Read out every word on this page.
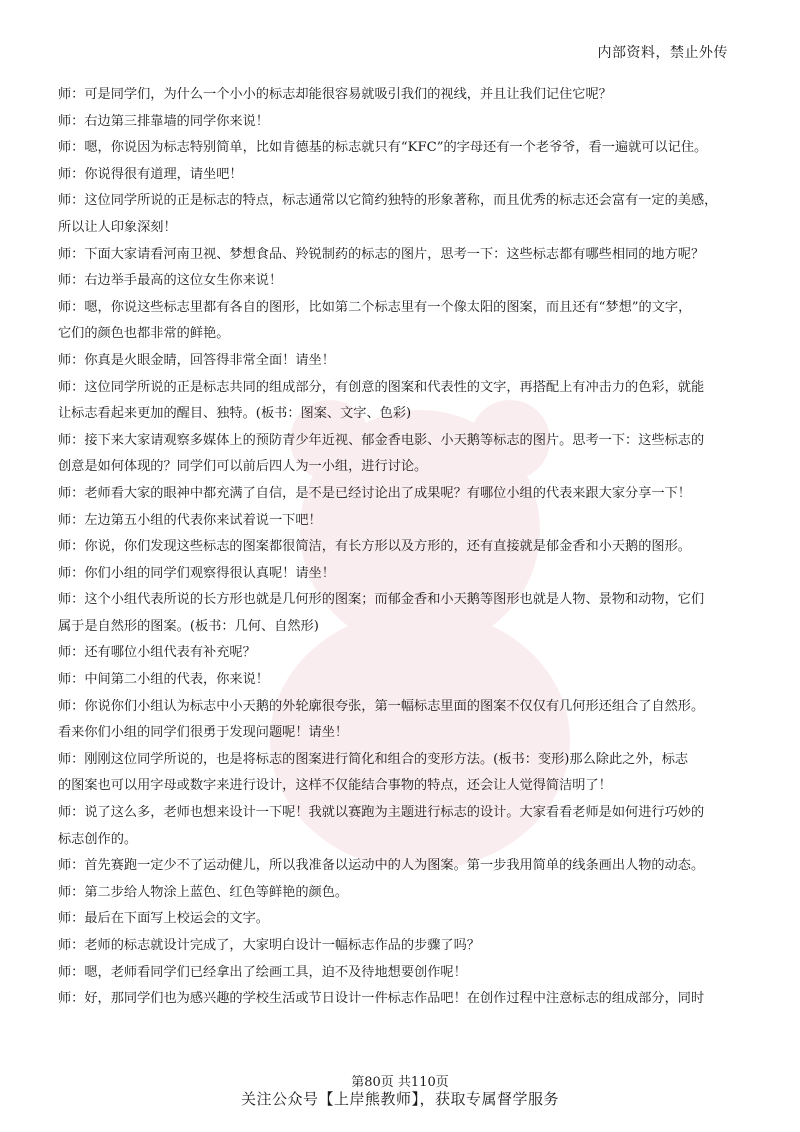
内部资料，禁止外传

师：可是同学们，为什么一个小小的标志却能很容易就吸引我们的视线，并且让我们记住它呢？

师：右边第三排靠墙的同学你来说！

师：嗯，你说因为标志特别简单，比如肯德基的标志就只有“KFC”的字母还有一个老爷爷，看一遍就可以记住。

师：你说得很有道理，请坐吧！

师：这位同学所说的正是标志的特点，标志通常以它简约独特的形象著称，而且优秀的标志还会富有一定的美感，

所以让人印象深刻！

师：下面大家请看河南卫视、梦想食品、羚锐制药的标志的图片，思考一下：这些标志都有哪些相同的地方呢？

师：右边举手最高的这位女生你来说！

师：嗯，你说这些标志里都有各自的图形，比如第二个标志里有一个像太阳的图案，而且还有“梦想”的文字，

它们的颜色也都非常的鲜艳。

师：你真是火眼金睛，回答得非常全面！请坐！

师：这位同学所说的正是标志共同的组成部分，有创意的图案和代表性的文字，再搭配上有冲击力的色彩，就能

让标志看起来更加的醒目、独特。(板书：图案、文字、色彩)

师：接下来大家请观察多媒体上的预防青少年近视、郁金香电影、小天鹅等标志的图片。思考一下：这些标志的

创意是如何体现的？同学们可以前后四人为一小组，进行讨论。

师：老师看大家的眼神中都充满了自信，是不是已经讨论出了成果呢？有哪位小组的代表来跟大家分享一下！

师：左边第五小组的代表你来试着说一下吧！

师：你说，你们发现这些标志的图案都很简洁，有长方形以及方形的，还有直接就是郁金香和小天鹅的图形。

师：你们小组的同学们观察得很认真呢！请坐！

师：这个小组代表所说的长方形也就是几何形的图案；而郁金香和小天鹅等图形也就是人物、景物和动物，它们

属于是自然形的图案。(板书：几何、自然形)

师：还有哪位小组代表有补充呢？

师：中间第二小组的代表，你来说！

师：你说你们小组认为标志中小天鹅的外轮廓很夸张，第一幅标志里面的图案不仅仅有几何形还组合了自然形。

看来你们小组的同学们很勇于发现问题呢！请坐！

师：刚刚这位同学所说的，也是将标志的图案进行简化和组合的变形方法。(板书：变形)那么除此之外，标志

的图案也可以用字母或数字来进行设计，这样不仅能结合事物的特点，还会让人觉得简洁明了！

师：说了这么多，老师也想来设计一下呢！我就以赛跑为主题进行标志的设计。大家看看老师是如何进行巧妙的

标志创作的。

师：首先赛跑一定少不了运动健儿，所以我准备以运动中的人为图案。第一步我用简单的线条画出人物的动态。

师：第二步给人物涂上蓝色、红色等鲜艳的颜色。

师：最后在下面写上校运会的文字。

师：老师的标志就设计完成了，大家明白设计一幅标志作品的步骤了吗？

师：嗯，老师看同学们已经拿出了绘画工具，迫不及待地想要创作呢！

师：好，那同学们也为感兴趣的学校生活或节日设计一件标志作品吧！在创作过程中注意标志的组成部分，同时

第80页 共110页
关注公众号【上岸熊教师】，获取专属督学服务
